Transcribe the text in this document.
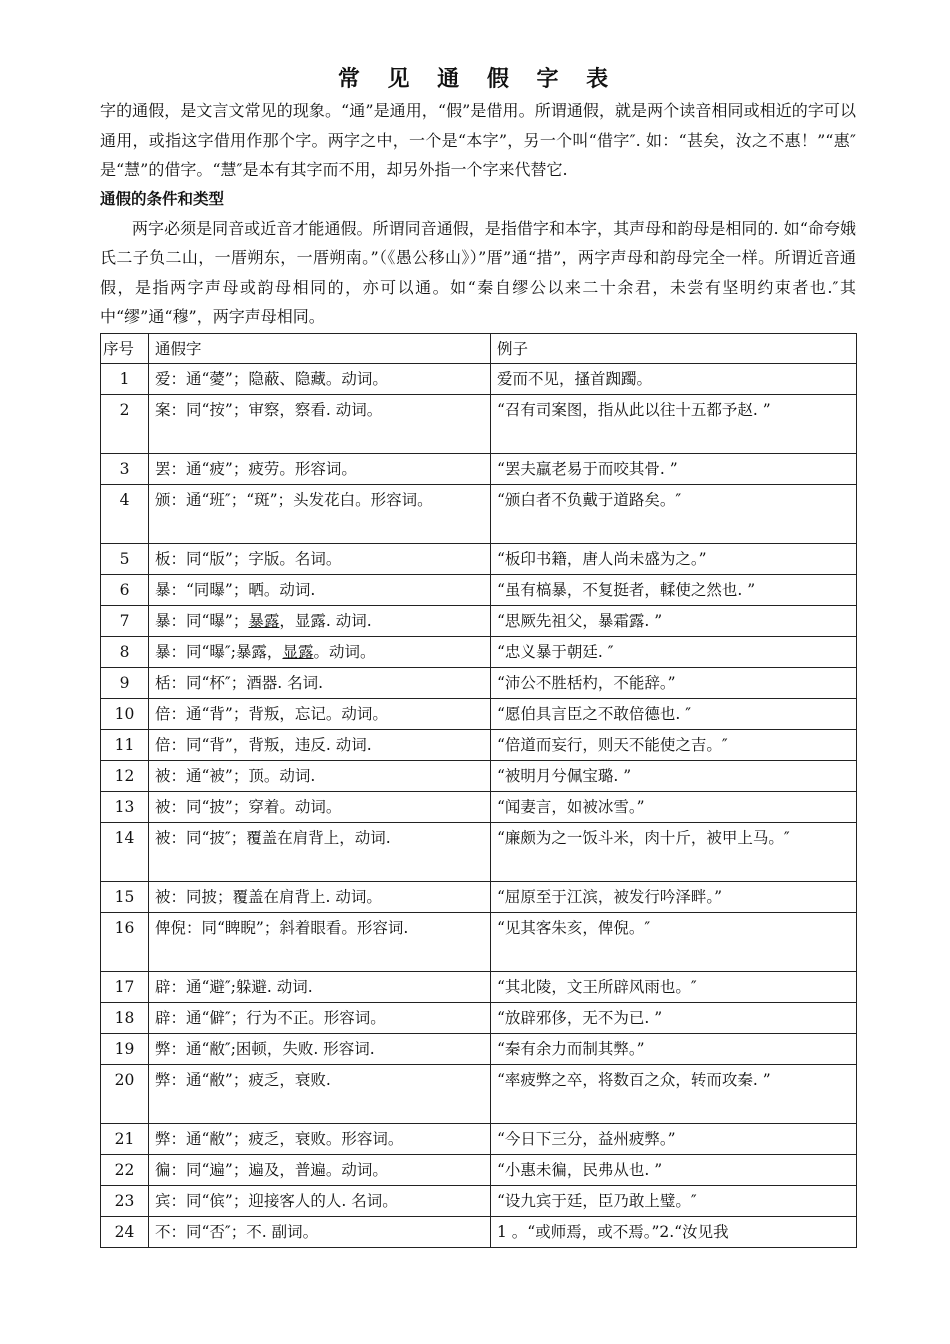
常 见 通 假 字 表

字的通假，是文言文常见的现象。“通”是通用，“假”是借用。所谓通假，就是两个读音相同或相近的字可以通用，或指这字借用作那个字。两字之中，一个是“本字”，另一个叫“借字″. 如：“甚矣，汝之不惠！”“惠″是“慧”的借字。“慧″是本有其字而不用，却另外指一个字来代替它.

通假的条件和类型

两字必须是同音或近音才能通假。所谓同音通假，是指借字和本字，其声母和韵母是相同的. 如“命夸娥氏二子负二山，一厝朔东，一厝朔南。”（《愚公移山》）”厝”通“措”，两字声母和韵母完全一样。所谓近音通假，是指两字声母或韵母相同的，亦可以通。如“秦自缪公以来二十余君，未尝有坚明约束者也.″其中“缪”通“穆”，两字声母相同。

序号	通假字	例子
1	爱：通“薆”；隐蔽、隐藏。动词。	爱而不见，搔首踟躅。
2	案：同“按”；审察，察看. 动词。	“召有司案图，指从此以往十五都予赵. ”
3	罢：通“疲”；疲劳。形容词。	“罢夫羸老易于而咬其骨. ”
4	颁：通“班″；“斑”；头发花白。形容词。	“颁白者不负戴于道路矣。″
5	板：同“版”；字版。名词。	“板印书籍，唐人尚未盛为之。”
6	暴：“同曝”；晒。动词.	“虽有槁暴，不复挺者，輮使之然也. ”
7	暴：同“曝”；暴露，显露. 动词.	“思厥先祖父，暴霜露. ”
8	暴：同“曝″;暴露，显露。动词。	“忠义暴于朝廷. ″
9	栝：同“杯″；酒器. 名词.	“沛公不胜栝杓，不能辞。”
10	倍：通“背”；背叛，忘记。动词。	“愿伯具言臣之不敢倍德也. ″
11	倍：同“背”，背叛，违反. 动词.	“倍道而妄行，则天不能使之吉。″
12	被：通“被”；顶。动词.	“被明月兮佩宝璐. ”
13	被：同“披”；穿着。动词。	“闻妻言，如被冰雪。”
14	被：同“披″；覆盖在肩背上，动词.	“廉颇为之一饭斗米，肉十斤，被甲上马。″
15	被：同披；覆盖在肩背上. 动词。	“屈原至于江滨，被发行吟泽畔。”
16	俾倪：同“睥睨”；斜着眼看。形容词.	“见其客朱亥，俾倪。″
17	辟：通“避″;躲避. 动词.	“其北陵，文王所辟风雨也。″
18	辟：通“僻″；行为不正。形容词。	“放辟邪侈，无不为已. ”
19	弊：通“敝″;困顿，失败. 形容词.	“秦有余力而制其弊。”
20	弊：通“敝”；疲乏，衰败.	“率疲弊之卒，将数百之众，转而攻秦. ”
21	弊：通“敝”；疲乏，衰败。形容词。	“今日下三分，益州疲弊。”
22	徧：同“遍”；遍及，普遍。动词。	“小惠未徧，民弗从也. ”
23	宾：同“傧”；迎接客人的人. 名词。	“设九宾于廷，臣乃敢上璧。″
24	不：同“否″；不. 副词。	1 。“或师焉，或不焉。”2.“汝见我
